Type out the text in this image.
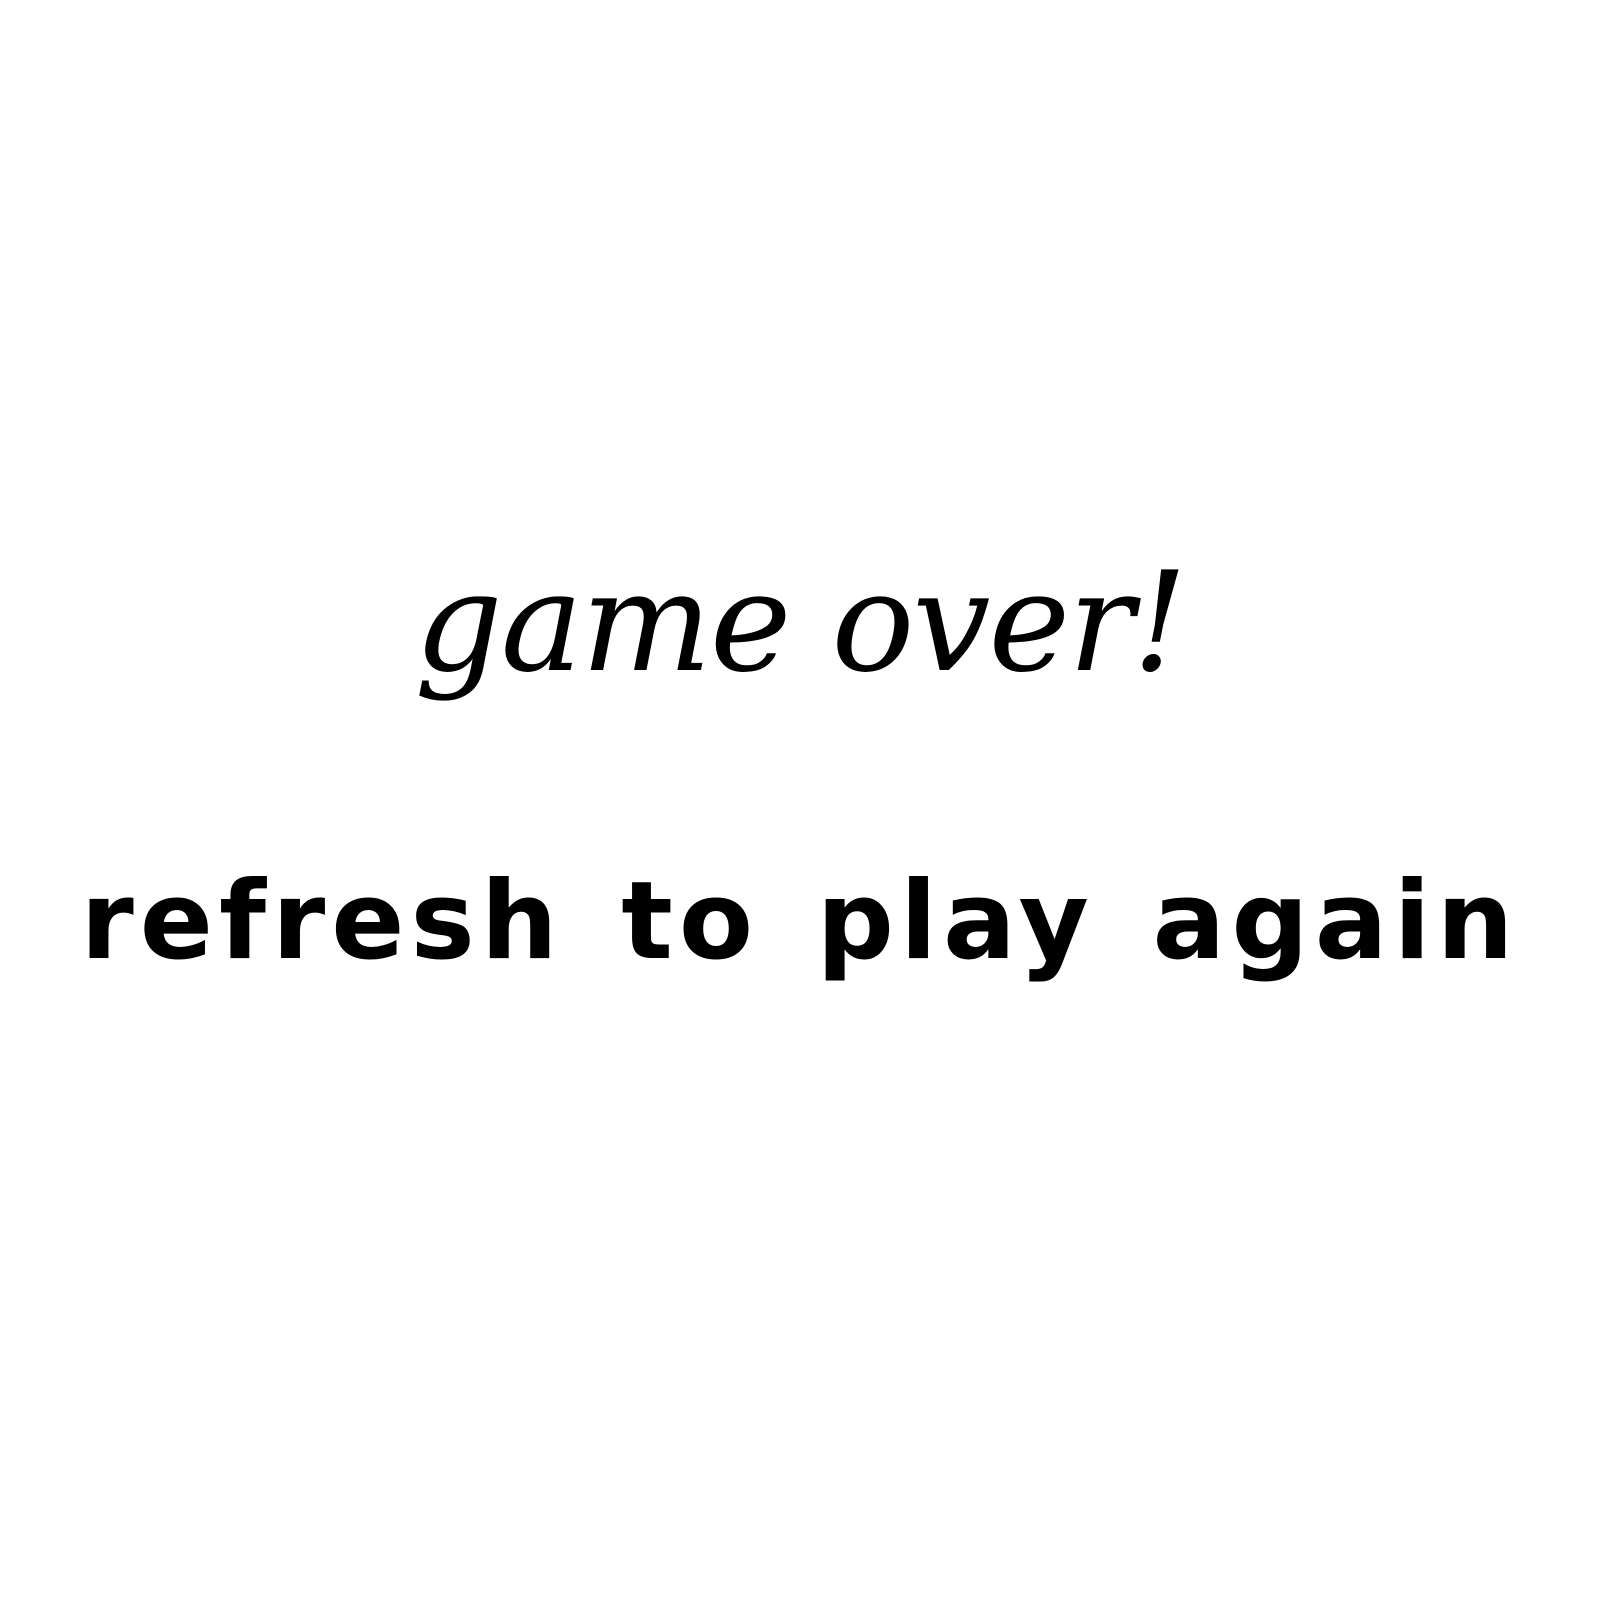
game over!
refresh to play again
